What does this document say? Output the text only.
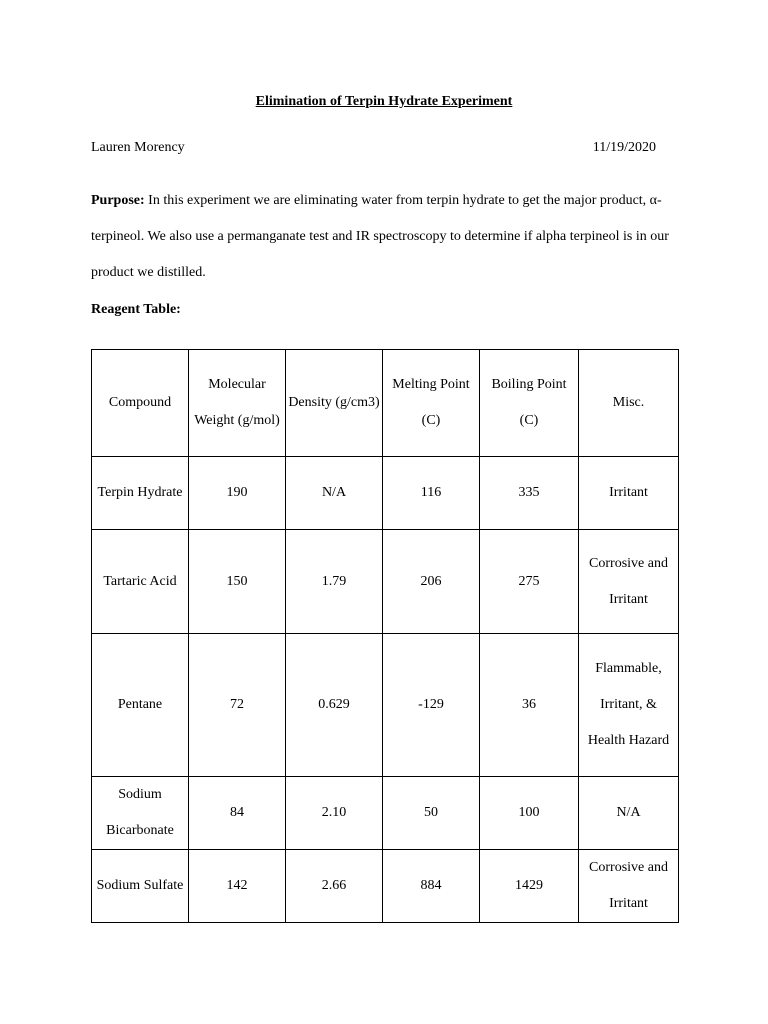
Elimination of Terpin Hydrate Experiment
Lauren Morency	11/19/2020
Purpose: In this experiment we are eliminating water from terpin hydrate to get the major product, α-terpineol. We also use a permanganate test and IR spectroscopy to determine if alpha terpineol is in our product we distilled.
Reagent Table:
Compound	Molecular Weight (g/mol)	Density (g/cm3)	Melting Point (C)	Boiling Point (C)	Misc.
Terpin Hydrate	190	N/A	116	335	Irritant
Tartaric Acid	150	1.79	206	275	Corrosive and Irritant
Pentane	72	0.629	-129	36	Flammable, Irritant, & Health Hazard
Sodium Bicarbonate	84	2.10	50	100	N/A
Sodium Sulfate	142	2.66	884	1429	Corrosive and Irritant
